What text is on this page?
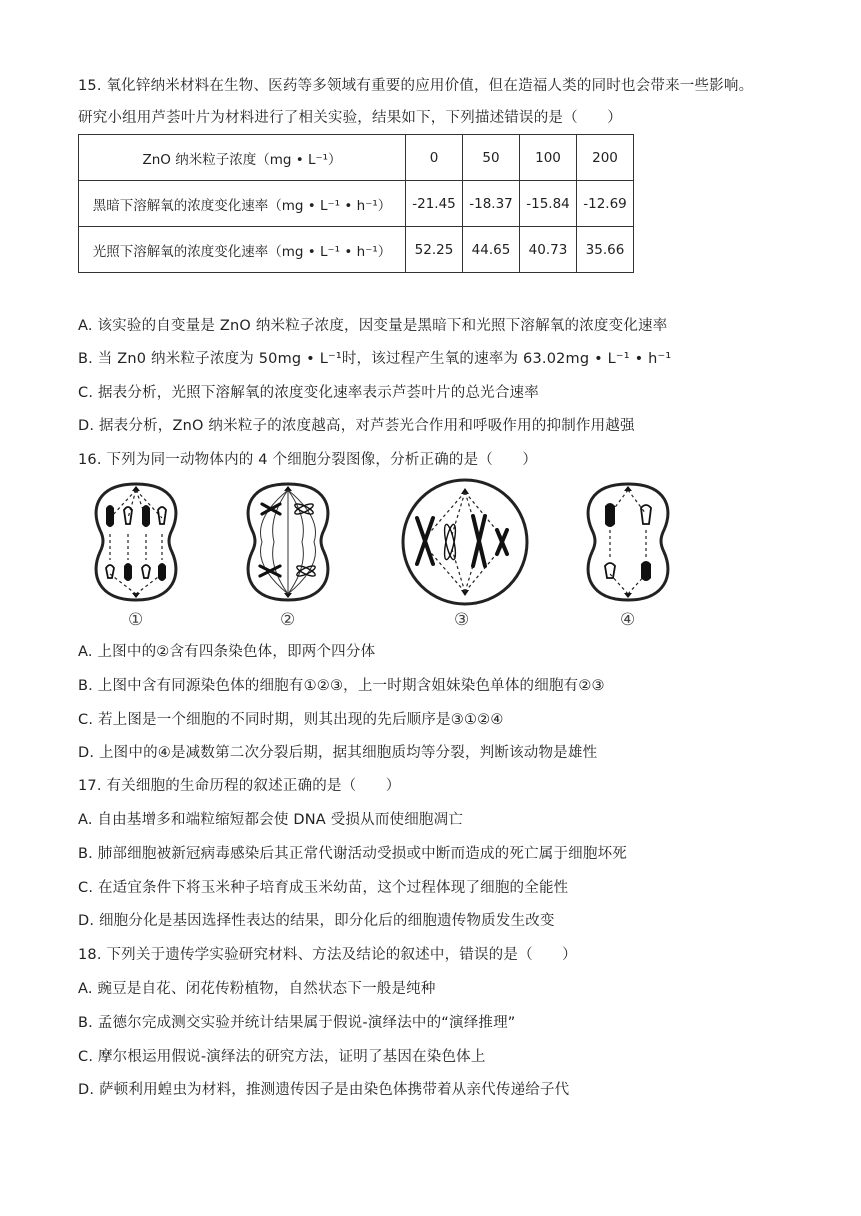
15. 氧化锌纳米材料在生物、医药等多领域有重要的应用价值，但在造福人类的同时也会带来一些影响。
研究小组用芦荟叶片为材料进行了相关实验，结果如下，下列描述错误的是（　　）
ZnO 纳米粒子浓度（mg • L⁻¹）	0	50	100	200
黑暗下溶解氧的浓度变化速率（mg • L⁻¹ • h⁻¹）	-21.45	-18.37	-15.84	-12.69
光照下溶解氧的浓度变化速率（mg • L⁻¹ • h⁻¹）	52.25	44.65	40.73	35.66
A. 该实验的自变量是 ZnO 纳米粒子浓度，因变量是黑暗下和光照下溶解氧的浓度变化速率
B. 当 Zn0 纳米粒子浓度为 50mg • L⁻¹时，该过程产生氧的速率为 63.02mg • L⁻¹ • h⁻¹
C. 据表分析，光照下溶解氧的浓度变化速率表示芦荟叶片的总光合速率
D. 据表分析，ZnO 纳米粒子的浓度越高，对芦荟光合作用和呼吸作用的抑制作用越强
16. 下列为同一动物体内的 4 个细胞分裂图像，分析正确的是（　　）
①	②	③	④
A. 上图中的②含有四条染色体，即两个四分体
B. 上图中含有同源染色体的细胞有①②③，上一时期含姐妹染色单体的细胞有②③
C. 若上图是一个细胞的不同时期，则其出现的先后顺序是③①②④
D. 上图中的④是减数第二次分裂后期，据其细胞质均等分裂，判断该动物是雄性
17. 有关细胞的生命历程的叙述正确的是（　　）
A. 自由基增多和端粒缩短都会使 DNA 受损从而使细胞凋亡
B. 肺部细胞被新冠病毒感染后其正常代谢活动受损或中断而造成的死亡属于细胞坏死
C. 在适宜条件下将玉米种子培育成玉米幼苗，这个过程体现了细胞的全能性
D. 细胞分化是基因选择性表达的结果，即分化后的细胞遗传物质发生改变
18. 下列关于遗传学实验研究材料、方法及结论的叙述中，错误的是（　　）
A. 豌豆是自花、闭花传粉植物，自然状态下一般是纯种
B. 孟德尔完成测交实验并统计结果属于假说-演绎法中的“演绎推理”
C. 摩尔根运用假说-演绎法的研究方法，证明了基因在染色体上
D. 萨顿利用蝗虫为材料，推测遗传因子是由染色体携带着从亲代传递给子代
